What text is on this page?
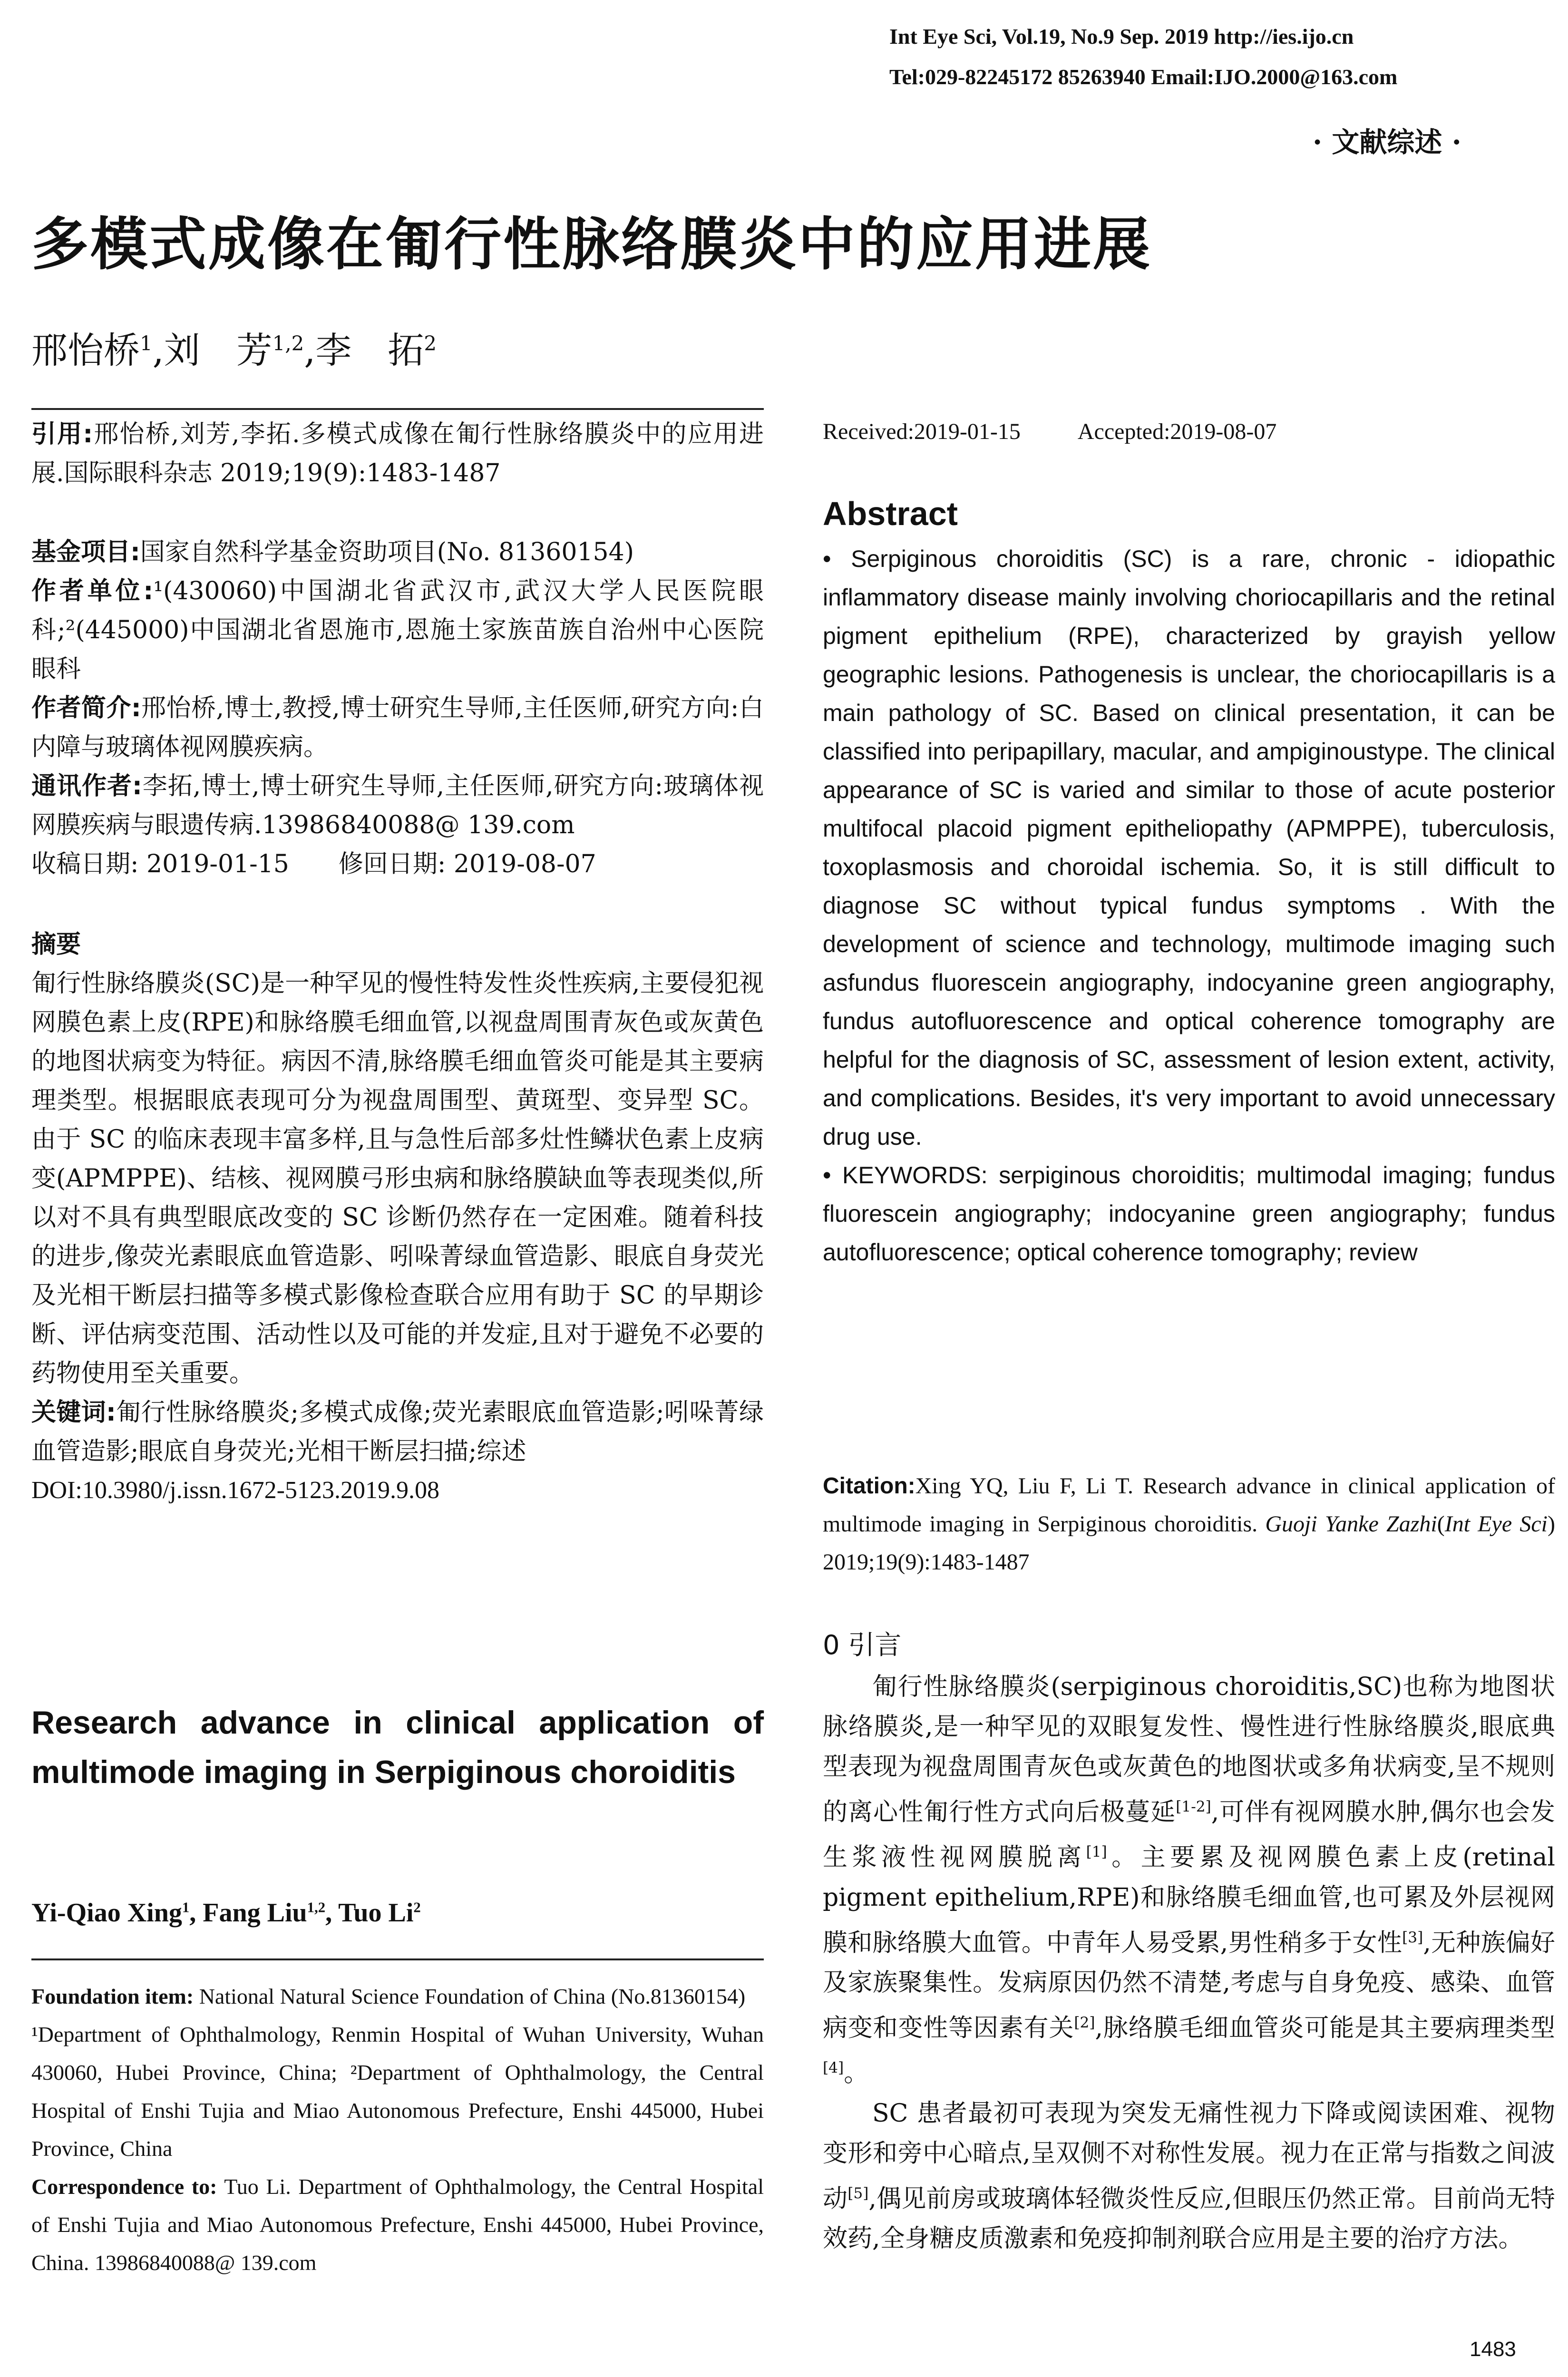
Int Eye Sci, Vol.19, No.9 Sep. 2019 http://ies.ijo.cn
Tel:029-82245172 85263940 Email:IJO.2000@163.com
· 文献综述 ·
多模式成像在匍行性脉络膜炎中的应用进展
邢怡桥$^1$,刘　芳$^{1,2}$,李　拓$^2$

引用:邢怡桥,刘芳,李拓.多模式成像在匍行性脉络膜炎中的应用进展.国际眼科杂志 2019;19(9):1483-1487

基金项目:国家自然科学基金资助项目(No. 81360154)

作者单位:¹(430060)中国湖北省武汉市,武汉大学人民医院眼科;²(445000)中国湖北省恩施市,恩施土家族苗族自治州中心医院眼科

作者简介:邢怡桥,博士,教授,博士研究生导师,主任医师,研究方向:白内障与玻璃体视网膜疾病。

通讯作者:李拓,博士,博士研究生导师,主任医师,研究方向:玻璃体视网膜疾病与眼遗传病.13986840088@ 139.com

收稿日期: 2019-01-15　　修回日期: 2019-08-07

摘要

匍行性脉络膜炎(SC)是一种罕见的慢性特发性炎性疾病,主要侵犯视网膜色素上皮(RPE)和脉络膜毛细血管,以视盘周围青灰色或灰黄色的地图状病变为特征。病因不清,脉络膜毛细血管炎可能是其主要病理类型。根据眼底表现可分为视盘周围型、黄斑型、变异型 SC。由于 SC 的临床表现丰富多样,且与急性后部多灶性鳞状色素上皮病变(APMPPE)、结核、视网膜弓形虫病和脉络膜缺血等表现类似,所以对不具有典型眼底改变的 SC 诊断仍然存在一定困难。随着科技的进步,像荧光素眼底血管造影、吲哚菁绿血管造影、眼底自身荧光及光相干断层扫描等多模式影像检查联合应用有助于 SC 的早期诊断、评估病变范围、活动性以及可能的并发症,且对于避免不必要的药物使用至关重要。

关键词:匍行性脉络膜炎;多模式成像;荧光素眼底血管造影;吲哚菁绿血管造影;眼底自身荧光;光相干断层扫描;综述

DOI:10.3980/j.issn.1672-5123.2019.9.08

Research advance in clinical application of multimode imaging in Serpiginous choroiditis
Yi-Qiao Xing$^1$, Fang Liu$^{1,2}$, Tuo Li$^2$
Foundation item: National Natural Science Foundation of China (No.81360154)
¹Department of Ophthalmology, Renmin Hospital of Wuhan University, Wuhan 430060, Hubei Province, China; ²Department of Ophthalmology, the Central Hospital of Enshi Tujia and Miao Autonomous Prefecture, Enshi 445000, Hubei Province, China
Correspondence to: Tuo Li. Department of Ophthalmology, the Central Hospital of Enshi Tujia and Miao Autonomous Prefecture, Enshi 445000, Hubei Province, China. 13986840088@ 139.com
Received:2019-01-15	Accepted:2019-08-07
Abstract

• Serpiginous choroiditis (SC) is a rare, chronic - idiopathic inflammatory disease mainly involving choriocapillaris and the retinal pigment epithelium (RPE), characterized by grayish yellow geographic lesions. Pathogenesis is unclear, the choriocapillaris is a main pathology of SC. Based on clinical presentation, it can be classified into peripapillary, macular, and ampiginoustype. The clinical appearance of SC is varied and similar to those of acute posterior multifocal placoid pigment epitheliopathy (APMPPE), tuberculosis, toxoplasmosis and choroidal ischemia. So, it is still difficult to diagnose SC without typical fundus symptoms . With the development of science and technology, multimode imaging such asfundus fluorescein angiography, indocyanine green angiography, fundus autofluorescence and optical coherence tomography are helpful for the diagnosis of SC, assessment of lesion extent, activity, and complications. Besides, it's very important to avoid unnecessary drug use.

• KEYWORDS: serpiginous choroiditis; multimodal imaging; fundus fluorescein angiography; indocyanine green angiography; fundus autofluorescence; optical coherence tomography; review

Citation:Xing YQ, Liu F, Li T. Research advance in clinical application of multimode imaging in Serpiginous choroiditis. Guoji Yanke Zazhi(Int Eye Sci) 2019;19(9):1483-1487
0 引言

匍行性脉络膜炎(serpiginous choroiditis,SC)也称为地图状脉络膜炎,是一种罕见的双眼复发性、慢性进行性脉络膜炎,眼底典型表现为视盘周围青灰色或灰黄色的地图状或多角状病变,呈不规则的离心性匍行性方式向后极蔓延[1-2],可伴有视网膜水肿,偶尔也会发生浆液性视网膜脱离[1]。主要累及视网膜色素上皮(retinal pigment epithelium,RPE)和脉络膜毛细血管,也可累及外层视网膜和脉络膜大血管。中青年人易受累,男性稍多于女性[3],无种族偏好及家族聚集性。发病原因仍然不清楚,考虑与自身免疫、感染、血管病变和变性等因素有关[2],脉络膜毛细血管炎可能是其主要病理类型[4]。

SC 患者最初可表现为突发无痛性视力下降或阅读困难、视物变形和旁中心暗点,呈双侧不对称性发展。视力在正常与指数之间波动[5],偶见前房或玻璃体轻微炎性反应,但眼压仍然正常。目前尚无特效药,全身糖皮质激素和免疫抑制剂联合应用是主要的治疗方法。

1483
